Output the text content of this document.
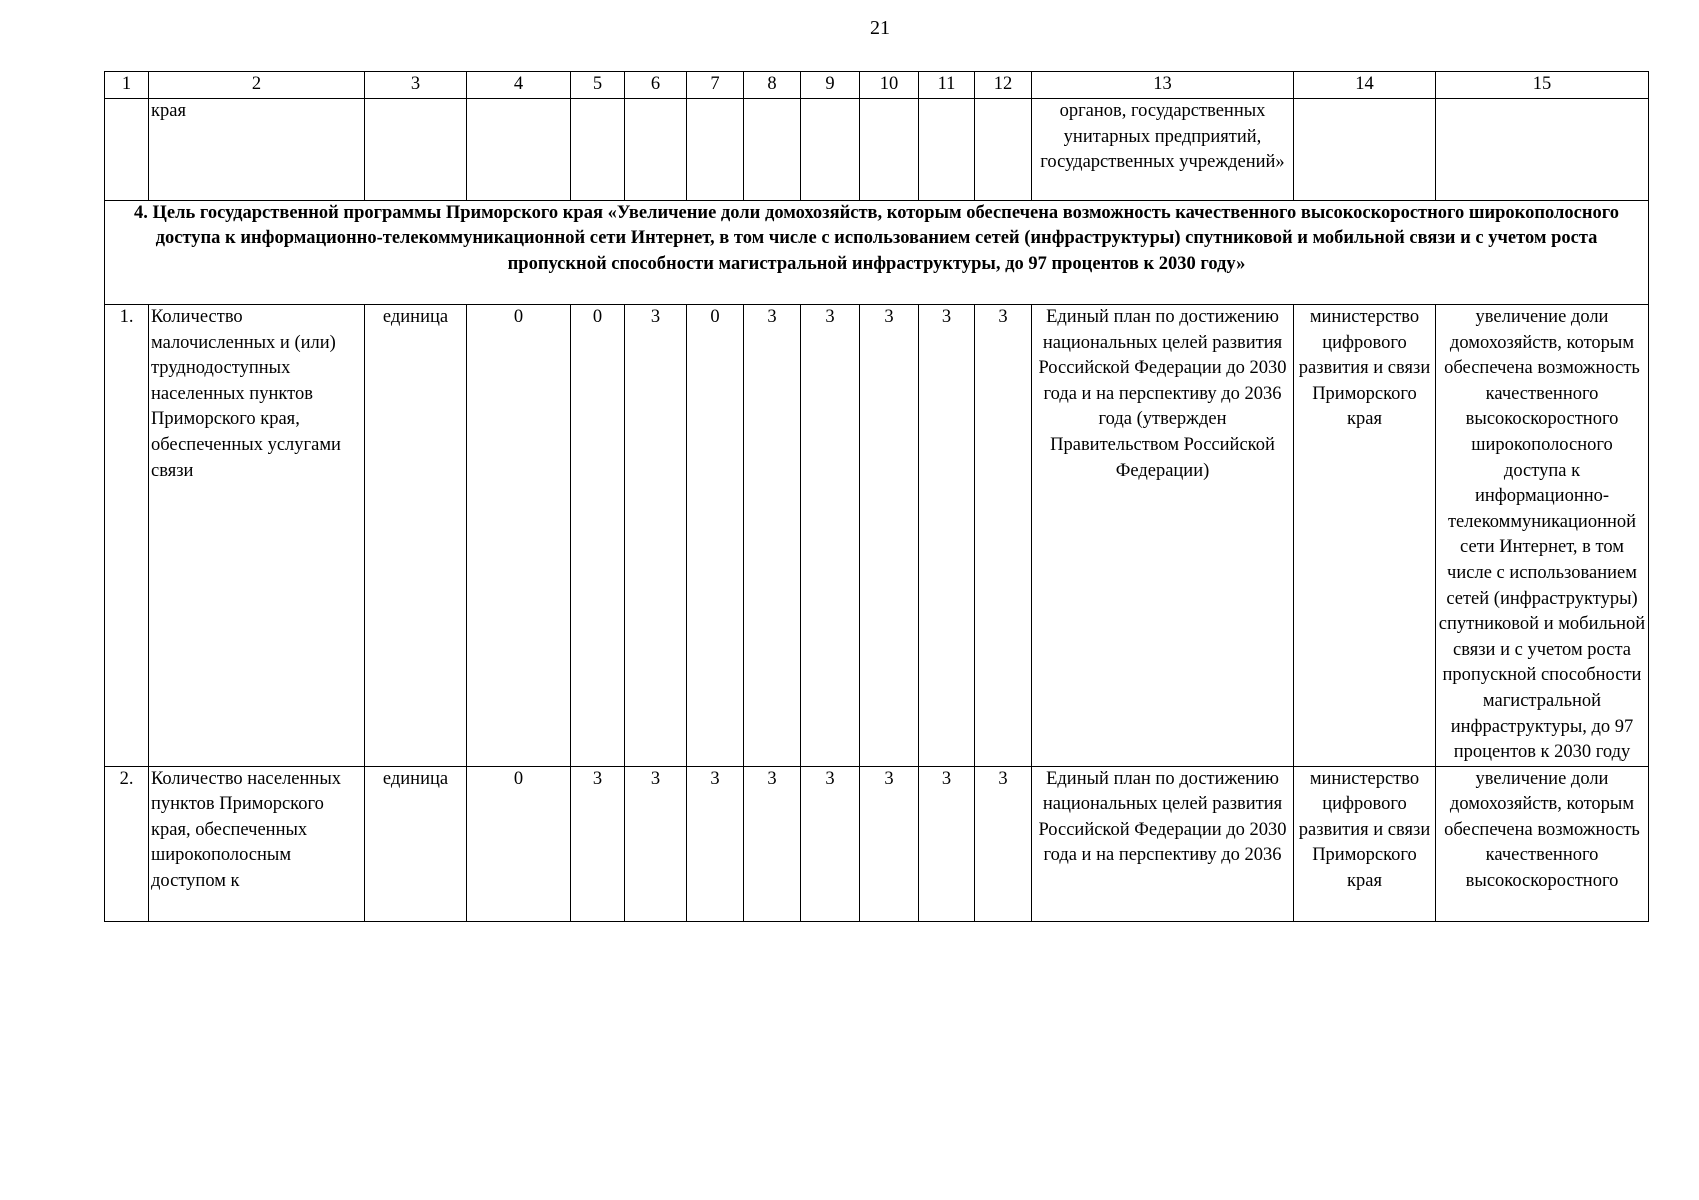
21
1	2	3	4	5	6	7	8	9	10	11	12	13	14	15
	края											органов, государственных унитарных предприятий, государственных учреждений»		
4. Цель государственной программы Приморского края «Увеличение доли домохозяйств, которым обеспечена возможность качественного высокоскоростного широкополосного доступа к информационно-телекоммуникационной сети Интернет, в том числе с использованием сетей (инфраструктуры) спутниковой и мобильной связи и с учетом роста пропускной способности магистральной инфраструктуры, до 97 процентов к 2030 году»														
1.	Количество малочисленных и (или) труднодоступных населенных пунктов Приморского края, обеспеченных услугами связи	единица	0	0	3	0	3	3	3	3	3	Единый план по достижению национальных целей развития Российской Федерации до 2030 года и на перспективу до 2036 года (утвержден Правительством Российской Федерации)	министерство цифрового развития и связи Приморского края	увеличение доли домохозяйств, которым обеспечена возможность качественного высокоскоростного широкополосного доступа к информационно-телекоммуникационной сети Интернет, в том числе с использованием сетей (инфраструктуры) спутниковой и мобильной связи и с учетом роста пропускной способности магистральной инфраструктуры, до 97 процентов к 2030 году
2.	Количество населенных пунктов Приморского края, обеспеченных широкополосным доступом к	единица	0	3	3	3	3	3	3	3	3	Единый план по достижению национальных целей развития Российской Федерации до 2030 года и на перспективу до 2036	министерство цифрового развития и связи Приморского края	увеличение доли домохозяйств, которым обеспечена возможность качественного высокоскоростного
